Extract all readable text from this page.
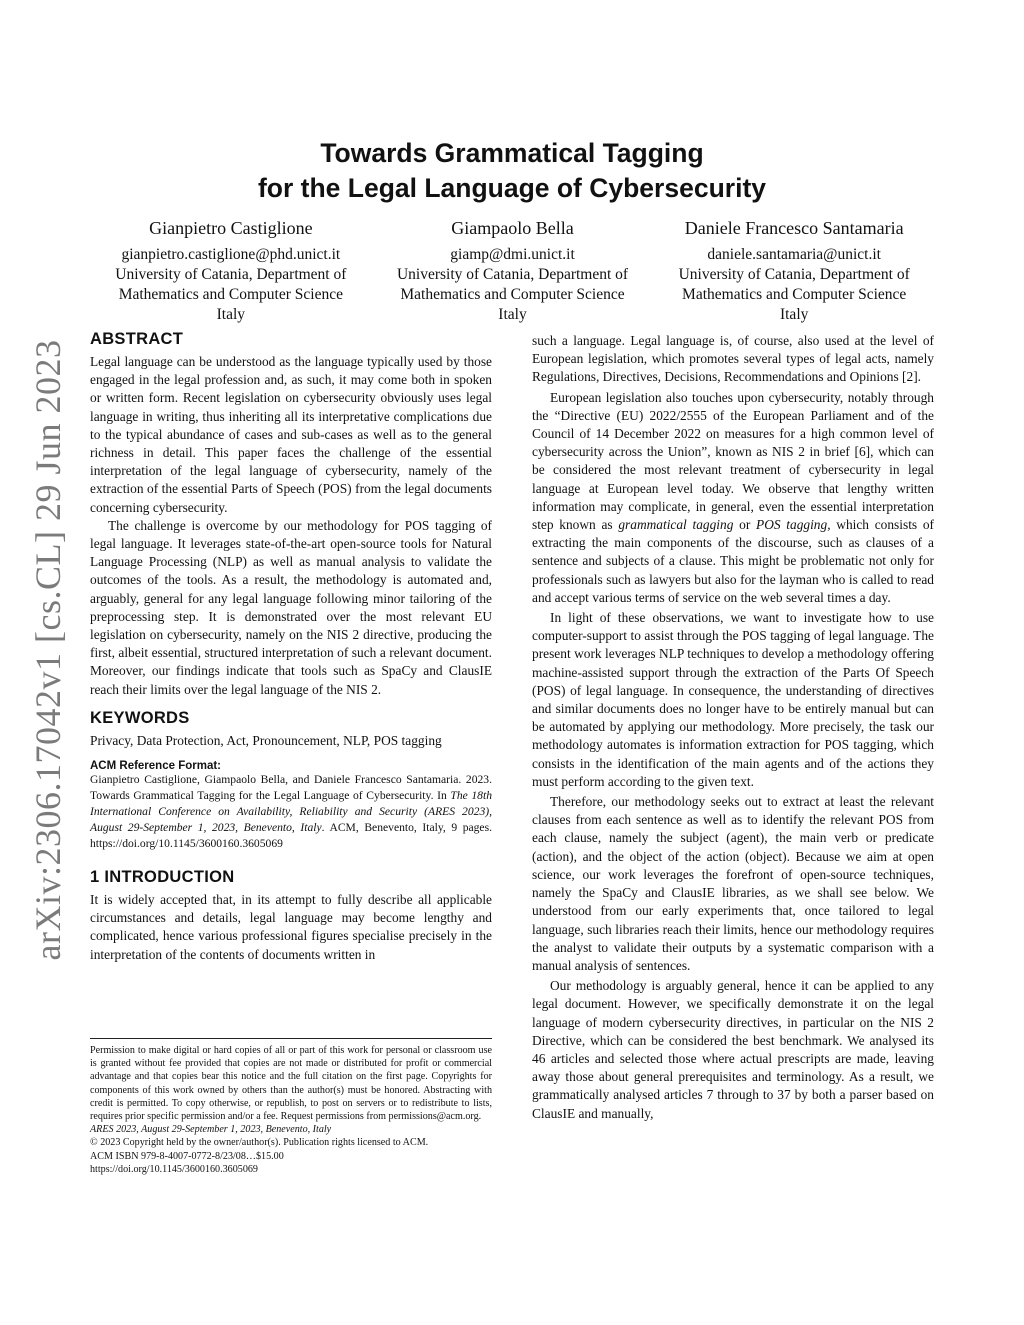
arXiv:2306.17042v1 [cs.CL] 29 Jun 2023
Towards Grammatical Tagging
for the Legal Language of Cybersecurity
Gianpietro Castiglione
gianpietro.castiglione@phd.unict.it
University of Catania, Department of
Mathematics and Computer Science
Italy
Giampaolo Bella
giamp@dmi.unict.it
University of Catania, Department of
Mathematics and Computer Science
Italy
Daniele Francesco Santamaria
daniele.santamaria@unict.it
University of Catania, Department of
Mathematics and Computer Science
Italy
ABSTRACT

Legal language can be understood as the language typically used by those engaged in the legal profession and, as such, it may come both in spoken or written form. Recent legislation on cybersecurity obviously uses legal language in writing, thus inheriting all its interpretative complications due to the typical abundance of cases and sub-cases as well as to the general richness in detail. This paper faces the challenge of the essential interpretation of the legal language of cybersecurity, namely of the extraction of the essential Parts of Speech (POS) from the legal documents concerning cybersecurity.

The challenge is overcome by our methodology for POS tagging of legal language. It leverages state-of-the-art open-source tools for Natural Language Processing (NLP) as well as manual analysis to validate the outcomes of the tools. As a result, the methodology is automated and, arguably, general for any legal language following minor tailoring of the preprocessing step. It is demonstrated over the most relevant EU legislation on cybersecurity, namely on the NIS 2 directive, producing the first, albeit essential, structured interpretation of such a relevant document. Moreover, our findings indicate that tools such as SpaCy and ClausIE reach their limits over the legal language of the NIS 2.

KEYWORDS

Privacy, Data Protection, Act, Pronouncement, NLP, POS tagging

ACM Reference Format:

Gianpietro Castiglione, Giampaolo Bella, and Daniele Francesco Santamaria. 2023. Towards Grammatical Tagging for the Legal Language of Cybersecurity. In The 18th International Conference on Availability, Reliability and Security (ARES 2023), August 29-September 1, 2023, Benevento, Italy. ACM, Benevento, Italy, 9 pages. https://doi.org/10.1145/3600160.3605069

1 INTRODUCTION

It is widely accepted that, in its attempt to fully describe all applicable circumstances and details, legal language may become lengthy and complicated, hence various professional figures specialise precisely in the interpretation of the contents of documents written in

Permission to make digital or hard copies of all or part of this work for personal or classroom use is granted without fee provided that copies are not made or distributed for profit or commercial advantage and that copies bear this notice and the full citation on the first page. Copyrights for components of this work owned by others than the author(s) must be honored. Abstracting with credit is permitted. To copy otherwise, or republish, to post on servers or to redistribute to lists, requires prior specific permission and/or a fee. Request permissions from permissions@acm.org.

ARES 2023, August 29-September 1, 2023, Benevento, Italy

© 2023 Copyright held by the owner/author(s). Publication rights licensed to ACM.

ACM ISBN 979-8-4007-0772-8/23/08…$15.00

https://doi.org/10.1145/3600160.3605069

such a language. Legal language is, of course, also used at the level of European legislation, which promotes several types of legal acts, namely Regulations, Directives, Decisions, Recommendations and Opinions [2].

European legislation also touches upon cybersecurity, notably through the “Directive (EU) 2022/2555 of the European Parliament and of the Council of 14 December 2022 on measures for a high common level of cybersecurity across the Union”, known as NIS 2 in brief [6], which can be considered the most relevant treatment of cybersecurity in legal language at European level today. We observe that lengthy written information may complicate, in general, even the essential interpretation step known as grammatical tagging or POS tagging, which consists of extracting the main components of the discourse, such as clauses of a sentence and subjects of a clause. This might be problematic not only for professionals such as lawyers but also for the layman who is called to read and accept various terms of service on the web several times a day.

In light of these observations, we want to investigate how to use computer-support to assist through the POS tagging of legal language. The present work leverages NLP techniques to develop a methodology offering machine-assisted support through the extraction of the Parts Of Speech (POS) of legal language. In consequence, the understanding of directives and similar documents does no longer have to be entirely manual but can be automated by applying our methodology. More precisely, the task our methodology automates is information extraction for POS tagging, which consists in the identification of the main agents and of the actions they must perform according to the given text.

Therefore, our methodology seeks out to extract at least the relevant clauses from each sentence as well as to identify the relevant POS from each clause, namely the subject (agent), the main verb or predicate (action), and the object of the action (object). Because we aim at open science, our work leverages the forefront of open-source techniques, namely the SpaCy and ClausIE libraries, as we shall see below. We understood from our early experiments that, once tailored to legal language, such libraries reach their limits, hence our methodology requires the analyst to validate their outputs by a systematic comparison with a manual analysis of sentences.

Our methodology is arguably general, hence it can be applied to any legal document. However, we specifically demonstrate it on the legal language of modern cybersecurity directives, in particular on the NIS 2 Directive, which can be considered the best benchmark. We analysed its 46 articles and selected those where actual prescripts are made, leaving away those about general prerequisites and terminology. As a result, we grammatically analysed articles 7 through to 37 by both a parser based on ClausIE and manually,
